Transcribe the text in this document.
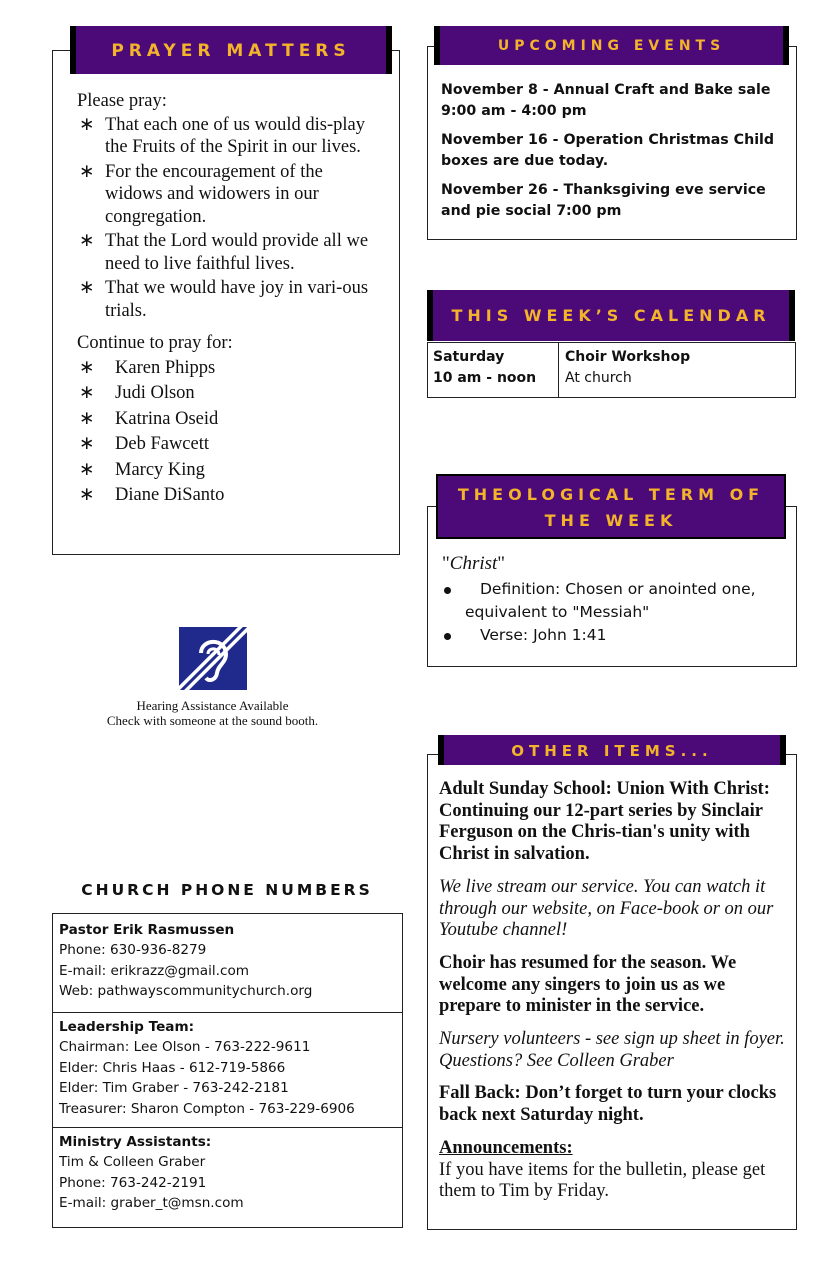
PRAYER MATTERS
Please pray:
∗ That each one of us would dis-play the Fruits of the Spirit in our lives.
∗ For the encouragement of the widows and widowers in our congregation.
∗ That the Lord would provide all we need to live faithful lives.
∗ That we would have joy in vari-ous trials.
Continue to pray for:
∗ Karen Phipps
∗ Judi Olson
∗ Katrina Oseid
∗ Deb Fawcett
∗ Marcy King
∗ Diane DiSanto
Hearing Assistance Available
Check with someone at the sound booth.
CHURCH PHONE NUMBERS
Pastor Erik Rasmussen
Phone: 630-936-8279
E-mail: erikrazz@gmail.com
Web: pathwayscommunitychurch.org
Leadership Team:
Chairman: Lee Olson - 763-222-9611
Elder: Chris Haas - 612-719-5866
Elder: Tim Graber - 763-242-2181
Treasurer: Sharon Compton - 763-229-6906
Ministry Assistants:
Tim & Colleen Graber
Phone: 763-242-2191
E-mail: graber_t@msn.com
UPCOMING EVENTS
November 8 - Annual Craft and Bake sale
9:00 am - 4:00 pm
November 16 - Operation Christmas Child
boxes are due today.
November 26 - Thanksgiving eve service
and pie social 7:00 pm
THIS WEEK’S CALENDAR
Saturday
10 am - noon
Choir Workshop
At church
THEOLOGICAL TERM OF
THE WEEK
"Christ"
Definition: Chosen or anointed one,
equivalent to "Messiah"
Verse: John 1:41
OTHER ITEMS...
Adult Sunday School: Union With Christ: Continuing our 12-part series by Sinclair Ferguson on the Chris-tian's unity with Christ in salvation.
We live stream our service. You can watch it through our website, on Face-book or on our Youtube channel!
Choir has resumed for the season. We welcome any singers to join us as we prepare to minister in the service.
Nursery volunteers - see sign up sheet in foyer. Questions? See Colleen Graber
Fall Back: Don’t forget to turn your clocks back next Saturday night.
Announcements:
If you have items for the bulletin, please get them to Tim by Friday.
